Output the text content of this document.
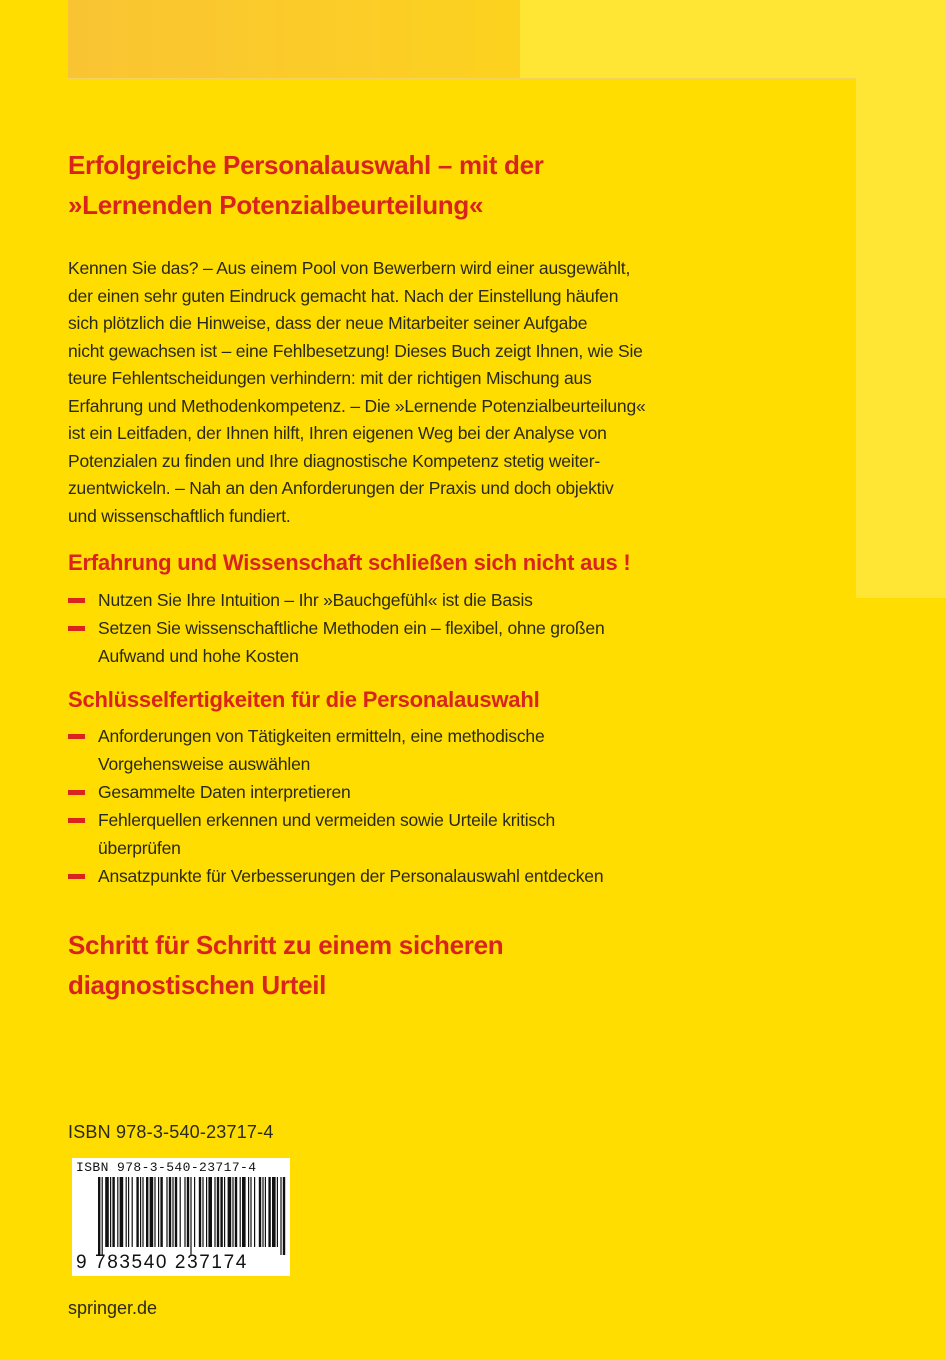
Erfolgreiche Personalauswahl – mit der
»Lernenden Potenzialbeurteilung«
Kennen Sie das? – Aus einem Pool von Bewerbern wird einer ausgewählt,
der einen sehr guten Eindruck gemacht hat. Nach der Einstellung häufen
sich plötzlich die Hinweise, dass der neue Mitarbeiter seiner Aufgabe
nicht gewachsen ist – eine Fehlbesetzung! Dieses Buch zeigt Ihnen, wie Sie
teure Fehlentscheidungen verhindern: mit der richtigen Mischung aus
Erfahrung und Methodenkompetenz. – Die »Lernende Potenzialbeurteilung«
ist ein Leitfaden, der Ihnen hilft, Ihren eigenen Weg bei der Analyse von
Potenzialen zu finden und Ihre diagnostische Kompetenz stetig weiter-
zuentwickeln. – Nah an den Anforderungen der Praxis und doch objektiv
und wissenschaftlich fundiert.
Erfahrung und Wissenschaft schließen sich nicht aus !
Nutzen Sie Ihre Intuition – Ihr »Bauchgefühl« ist die Basis
Setzen Sie wissenschaftliche Methoden ein – flexibel, ohne großen
Aufwand und hohe Kosten
Schlüsselfertigkeiten für die Personalauswahl
Anforderungen von Tätigkeiten ermitteln, eine methodische
Vorgehensweise auswählen
Gesammelte Daten interpretieren
Fehlerquellen erkennen und vermeiden sowie Urteile kritisch
überprüfen
Ansatzpunkte für Verbesserungen der Personalauswahl entdecken
Schritt für Schritt zu einem sicheren
diagnostischen Urteil
ISBN 978-3-540-23717-4
ISBN 978-3-540-23717-4
9 783540 237174
springer.de
